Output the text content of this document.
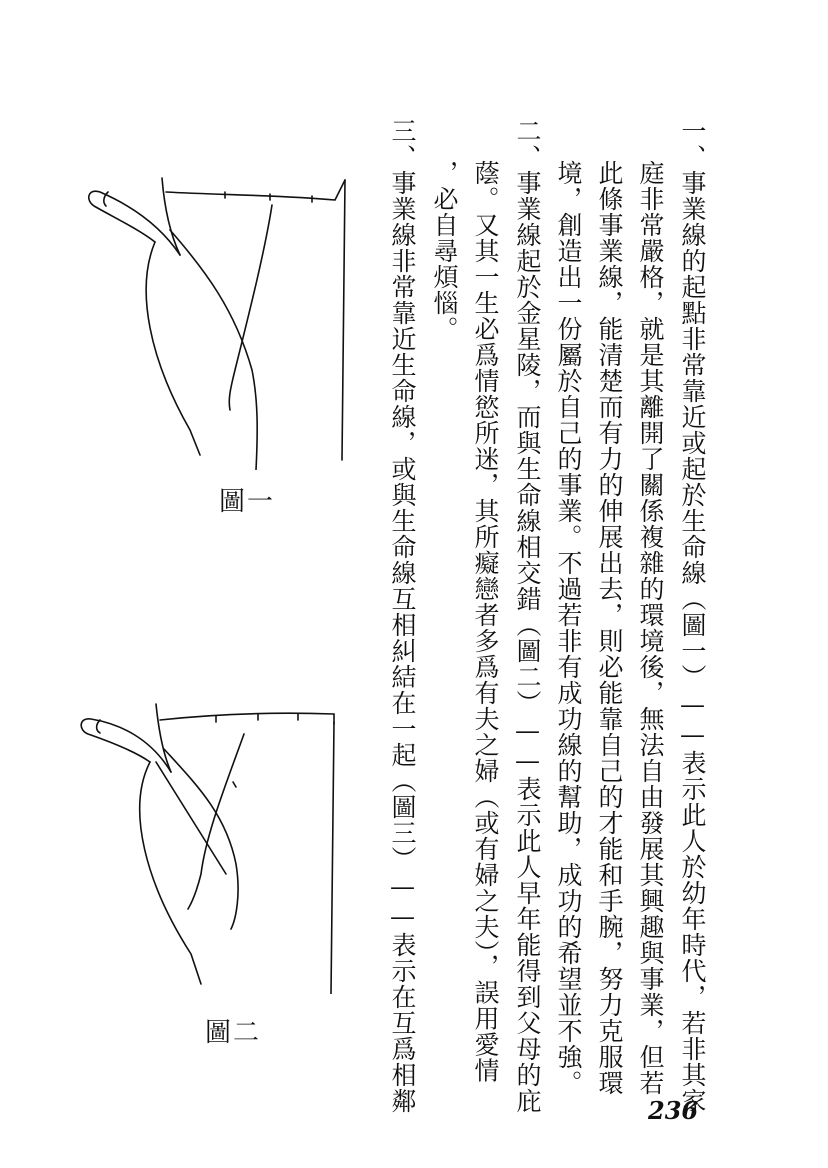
一、事業線的起點非常靠近或起於生命線（圖一）——表示此人於幼年時代，若非其家
庭非常嚴格，就是其離開了關係複雜的環境後，無法自由發展其興趣與事業，但若
此條事業線，能清楚而有力的伸展出去，則必能靠自己的才能和手腕，努力克服環
境，創造出一份屬於自己的事業。不過若非有成功線的幫助，成功的希望並不強。
二、事業線起於金星陵，而與生命線相交錯（圖二）——表示此人早年能得到父母的庇
蔭。又其一生必爲情慾所迷，其所癡戀者多爲有夫之婦（或有婦之夫），誤用愛情
，必自尋煩惱。
三、事業線非常靠近生命線，或與生命線互相糾結在一起（圖三）——表示在互爲相鄰
圖一
圖二
236
